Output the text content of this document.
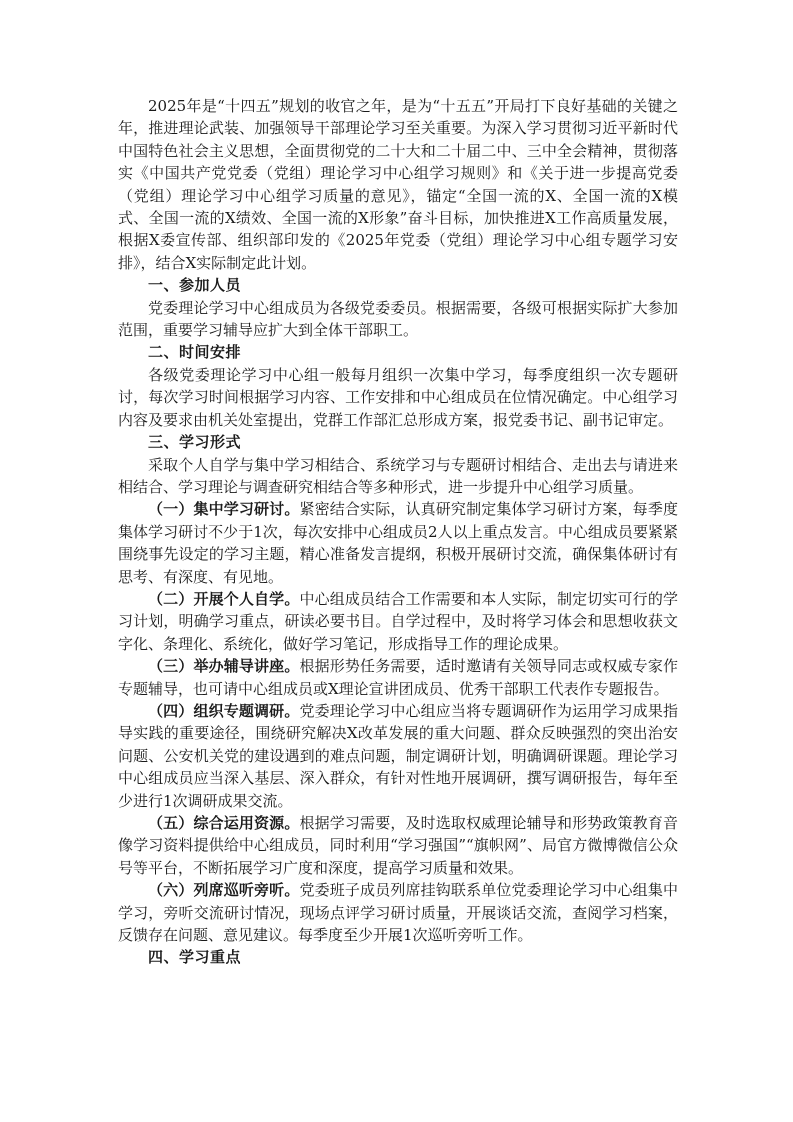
2025年是“十四五”规划的收官之年，是为“十五五”开局打下良好基础的关键之年，推进理论武装、加强领导干部理论学习至关重要。为深入学习贯彻习近平新时代中国特色社会主义思想，全面贯彻党的二十大和二十届二中、三中全会精神，贯彻落实《中国共产党党委（党组）理论学习中心组学习规则》和《关于进一步提高党委（党组）理论学习中心组学习质量的意见》，锚定“全国一流的X、全国一流的X模式、全国一流的X绩效、全国一流的X形象”奋斗目标，加快推进X工作高质量发展，根据X委宣传部、组织部印发的《2025年党委（党组）理论学习中心组专题学习安排》，结合X实际制定此计划。

一、参加人员

党委理论学习中心组成员为各级党委委员。根据需要，各级可根据实际扩大参加范围，重要学习辅导应扩大到全体干部职工。

二、时间安排

各级党委理论学习中心组一般每月组织一次集中学习，每季度组织一次专题研讨，每次学习时间根据学习内容、工作安排和中心组成员在位情况确定。中心组学习内容及要求由机关处室提出，党群工作部汇总形成方案，报党委书记、副书记审定。

三、学习形式

采取个人自学与集中学习相结合、系统学习与专题研讨相结合、走出去与请进来相结合、学习理论与调查研究相结合等多种形式，进一步提升中心组学习质量。

（一）集中学习研讨。紧密结合实际，认真研究制定集体学习研讨方案，每季度集体学习研讨不少于1次，每次安排中心组成员2人以上重点发言。中心组成员要紧紧围绕事先设定的学习主题，精心准备发言提纲，积极开展研讨交流，确保集体研讨有思考、有深度、有见地。

（二）开展个人自学。中心组成员结合工作需要和本人实际，制定切实可行的学习计划，明确学习重点，研读必要书目。自学过程中，及时将学习体会和思想收获文字化、条理化、系统化，做好学习笔记，形成指导工作的理论成果。

（三）举办辅导讲座。根据形势任务需要，适时邀请有关领导同志或权威专家作专题辅导，也可请中心组成员或X理论宣讲团成员、优秀干部职工代表作专题报告。

（四）组织专题调研。党委理论学习中心组应当将专题调研作为运用学习成果指导实践的重要途径，围绕研究解决X改革发展的重大问题、群众反映强烈的突出治安问题、公安机关党的建设遇到的难点问题，制定调研计划，明确调研课题。理论学习中心组成员应当深入基层、深入群众，有针对性地开展调研，撰写调研报告，每年至少进行1次调研成果交流。

（五）综合运用资源。根据学习需要，及时选取权威理论辅导和形势政策教育音像学习资料提供给中心组成员，同时利用“学习强国”“旗帜网”、局官方微博微信公众号等平台，不断拓展学习广度和深度，提高学习质量和效果。

（六）列席巡听旁听。党委班子成员列席挂钩联系单位党委理论学习中心组集中学习，旁听交流研讨情况，现场点评学习研讨质量，开展谈话交流，查阅学习档案，反馈存在问题、意见建议。每季度至少开展1次巡听旁听工作。

四、学习重点
